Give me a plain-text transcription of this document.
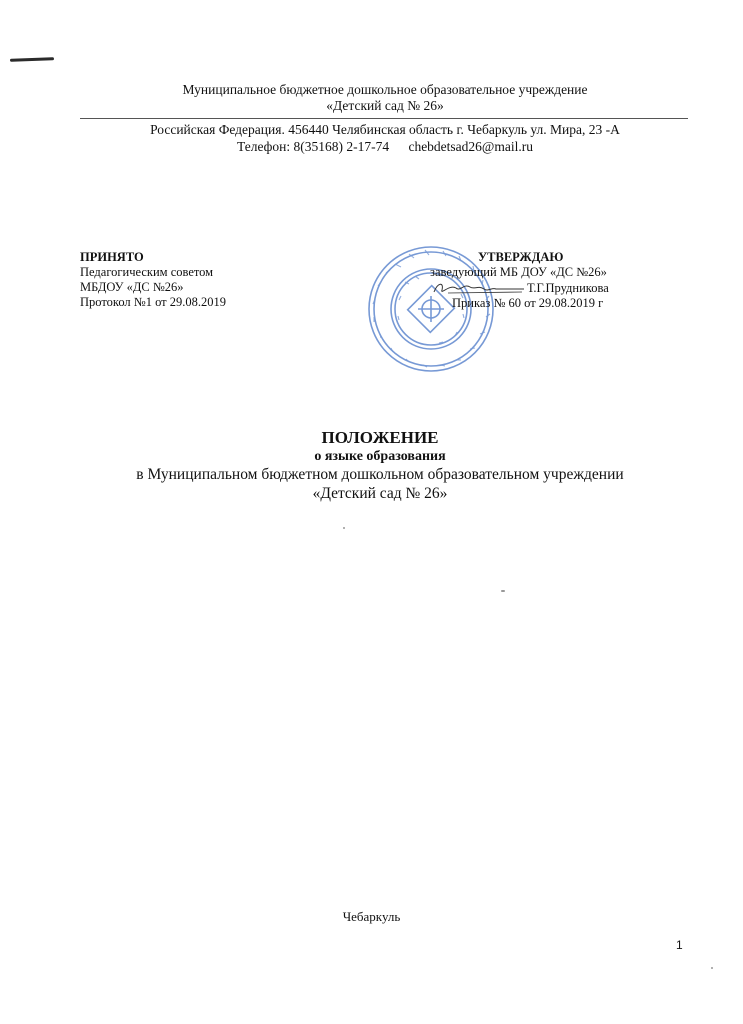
Муниципальное бюджетное дошкольное образовательное учреждение
«Детский сад № 26»
Российская Федерация. 456440 Челябинская область г. Чебаркуль ул. Мира, 23 -А
Телефон: 8(35168) 2-17-74 chebdetsad26@mail.ru
ПРИНЯТО
Педагогическим советом
МБДОУ «ДС №26»
Протокол №1 от 29.08.2019
УТВЕРЖДАЮ
заведующий МБ ДОУ «ДС №26»
Т.Г.Прудникова
Приказ № 60 от 29.08.2019 г
ПОЛОЖЕНИЕ
о языке образования
в Муниципальном бюджетном дошкольном образовательном учреждении
«Детский сад № 26»
Чебаркуль
1
